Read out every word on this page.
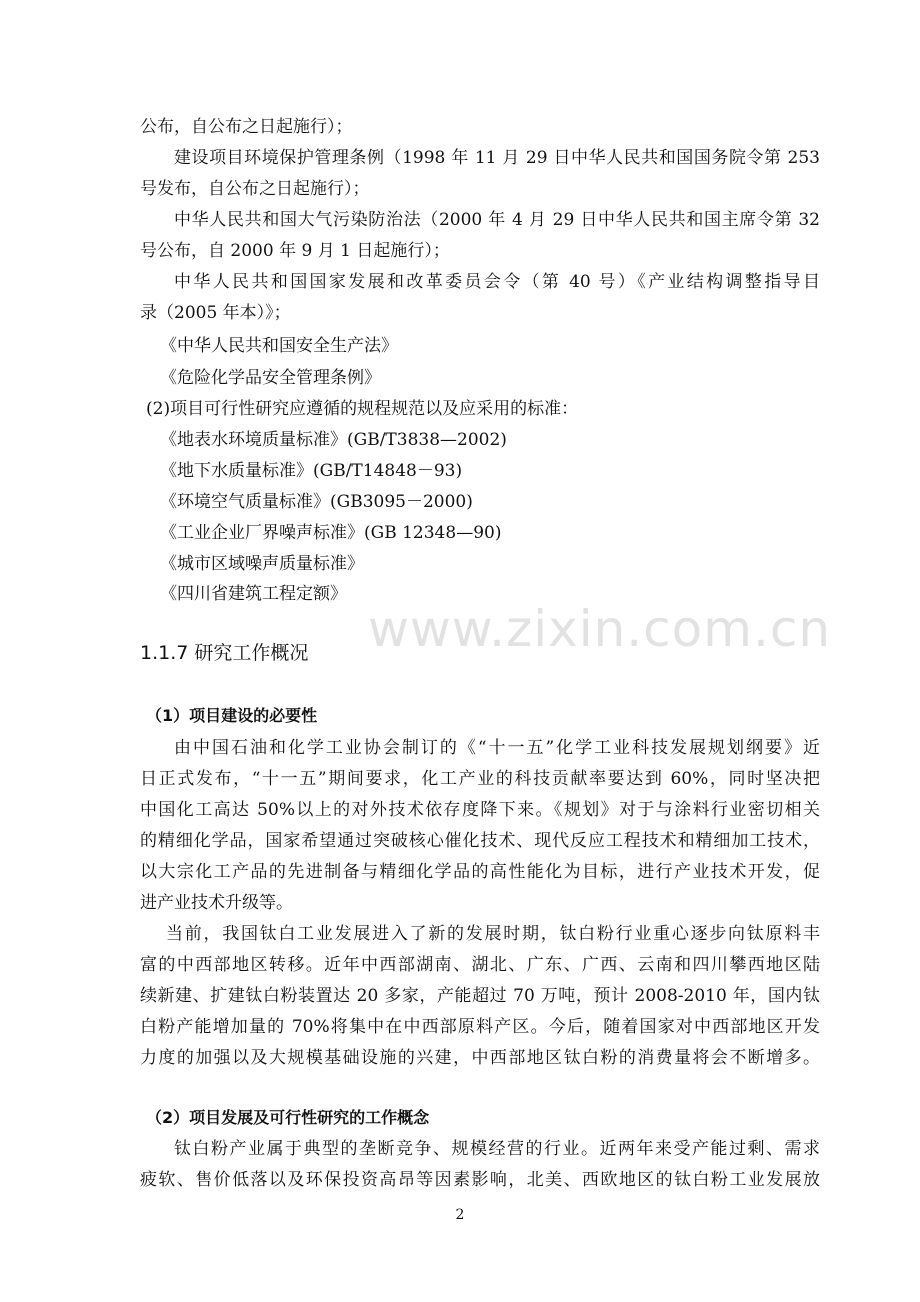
公布，自公布之日起施行）；
建设项目环境保护管理条例（1998 年 11 月 29 日中华人民共和国国务院令第 253
号发布，自公布之日起施行）；
中华人民共和国大气污染防治法（2000 年 4 月 29 日中华人民共和国主席令第 32
号公布，自 2000 年 9 月 1 日起施行）；
中华人民共和国国家发展和改革委员会令（第 40 号）《产业结构调整指导目
录（2005 年本）》；
《中华人民共和国安全生产法》
《危险化学品安全管理条例》
(2)项目可行性研究应遵循的规程规范以及应采用的标准：
《地表水环境质量标准》(GB/T3838—2002)
《地下水质量标准》(GB/T14848－93)
《环境空气质量标准》(GB3095－2000)
《工业企业厂界噪声标准》(GB 12348—90)
《城市区域噪声质量标准》
《四川省建筑工程定额》
1.1.7 研究工作概况
（1）项目建设的必要性
由中国石油和化学工业协会制订的《“十一五”化学工业科技发展规划纲要》近
日正式发布，“十一五”期间要求，化工产业的科技贡献率要达到 60%，同时坚决把
中国化工高达 50%以上的对外技术依存度降下来。《规划》对于与涂料行业密切相关
的精细化学品，国家希望通过突破核心催化技术、现代反应工程技术和精细加工技术，
以大宗化工产品的先进制备与精细化学品的高性能化为目标，进行产业技术开发，促
进产业技术升级等。
当前，我国钛白工业发展进入了新的发展时期，钛白粉行业重心逐步向钛原料丰
富的中西部地区转移。近年中西部湖南、湖北、广东、广西、云南和四川攀西地区陆
续新建、扩建钛白粉装置达 20 多家，产能超过 70 万吨，预计 2008-2010 年，国内钛
白粉产能增加量的 70%将集中在中西部原料产区。今后，随着国家对中西部地区开发
力度的加强以及大规模基础设施的兴建，中西部地区钛白粉的消费量将会不断增多。
（2）项目发展及可行性研究的工作概念
钛白粉产业属于典型的垄断竞争、规模经营的行业。近两年来受产能过剩、需求
疲软、售价低落以及环保投资高昂等因素影响，北美、西欧地区的钛白粉工业发展放
www.zixin.com.cn
2
